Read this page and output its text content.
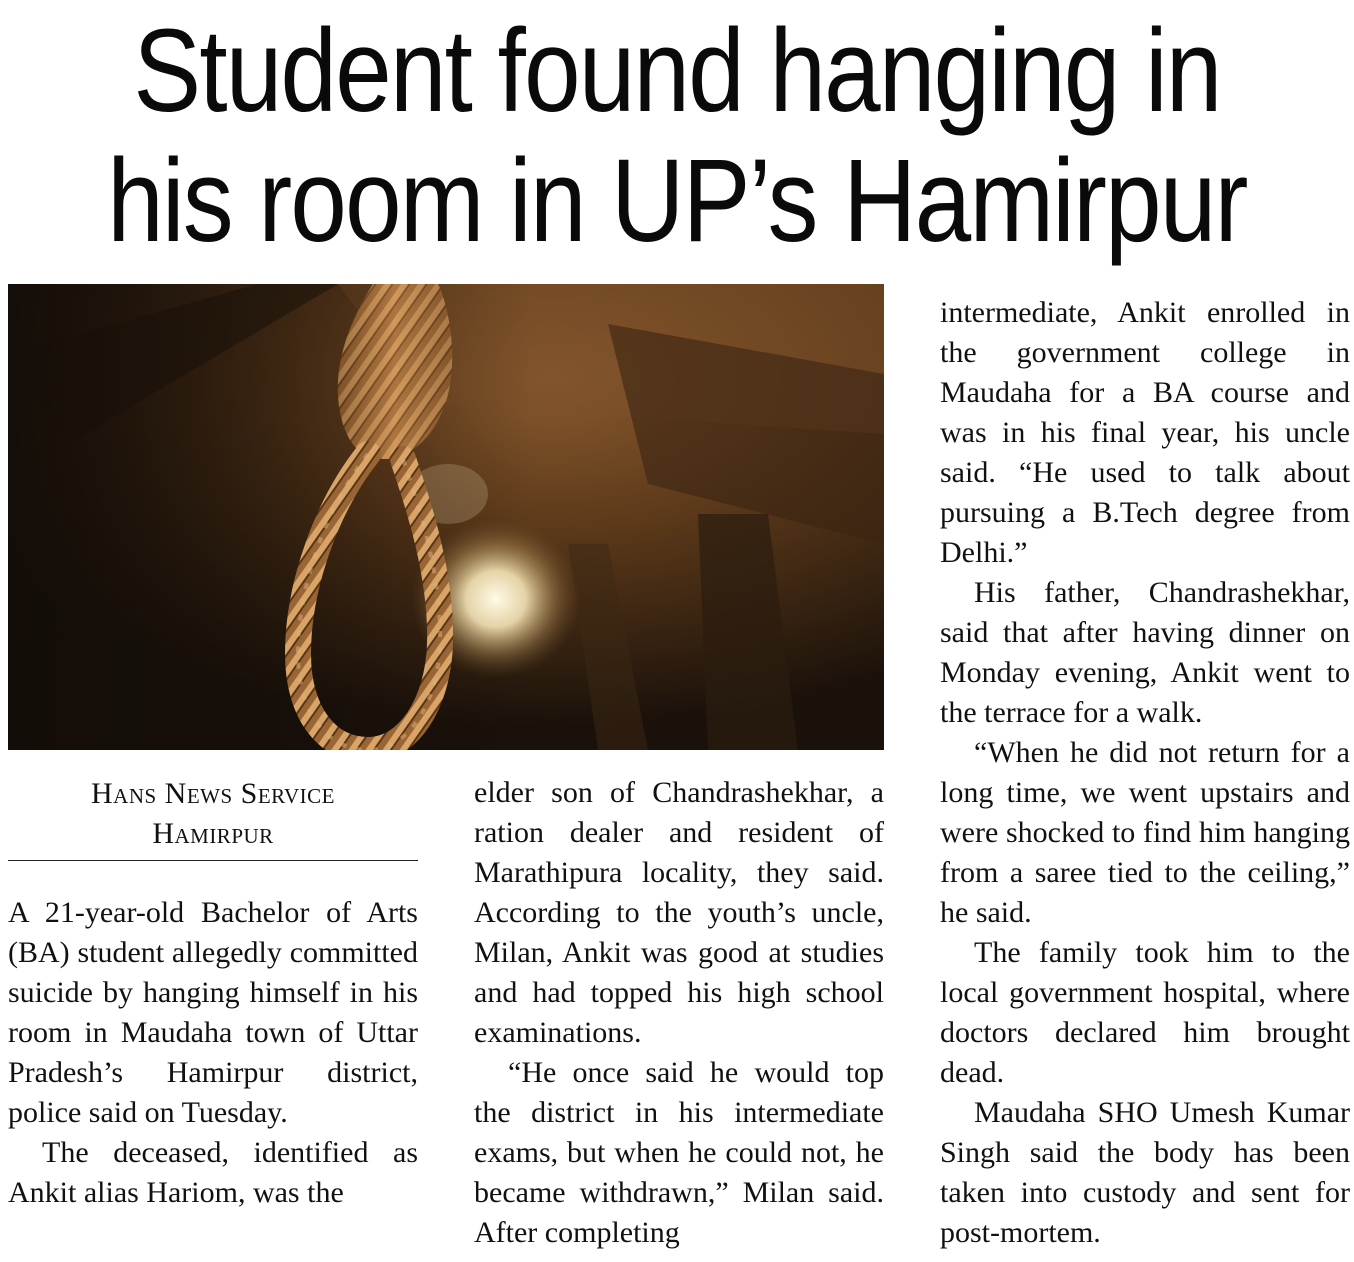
Student found hanging in
his room in UP’s Hamirpur
Hans News Service
Hamirpur

A 21-year-old Bachelor of Arts (BA) student allegedly committed suicide by hanging himself in his room in Maudaha town of Uttar Pradesh’s Hamirpur district, police said on Tuesday.

The deceased, identified as Ankit alias Hariom, was the

elder son of Chandrashekhar, a ration dealer and resident of Marathipura locality, they said. According to the youth’s uncle, Milan, Ankit was good at studies and had topped his high school examinations.

“He once said he would top the district in his intermediate exams, but when he could not, he became withdrawn,” Milan said. After completing

intermediate, Ankit enrolled in the government college in Maudaha for a BA course and was in his final year, his uncle said. “He used to talk about pursuing a B.Tech degree from Delhi.”

His father, Chandrashekhar, said that after having dinner on Monday evening, Ankit went to the terrace for a walk.

“When he did not return for a long time, we went upstairs and were shocked to find him hanging from a saree tied to the ceiling,” he said.

The family took him to the local government hospital, where doctors declared him brought dead.

Maudaha SHO Umesh Kumar Singh said the body has been taken into custody and sent for post-mortem.
